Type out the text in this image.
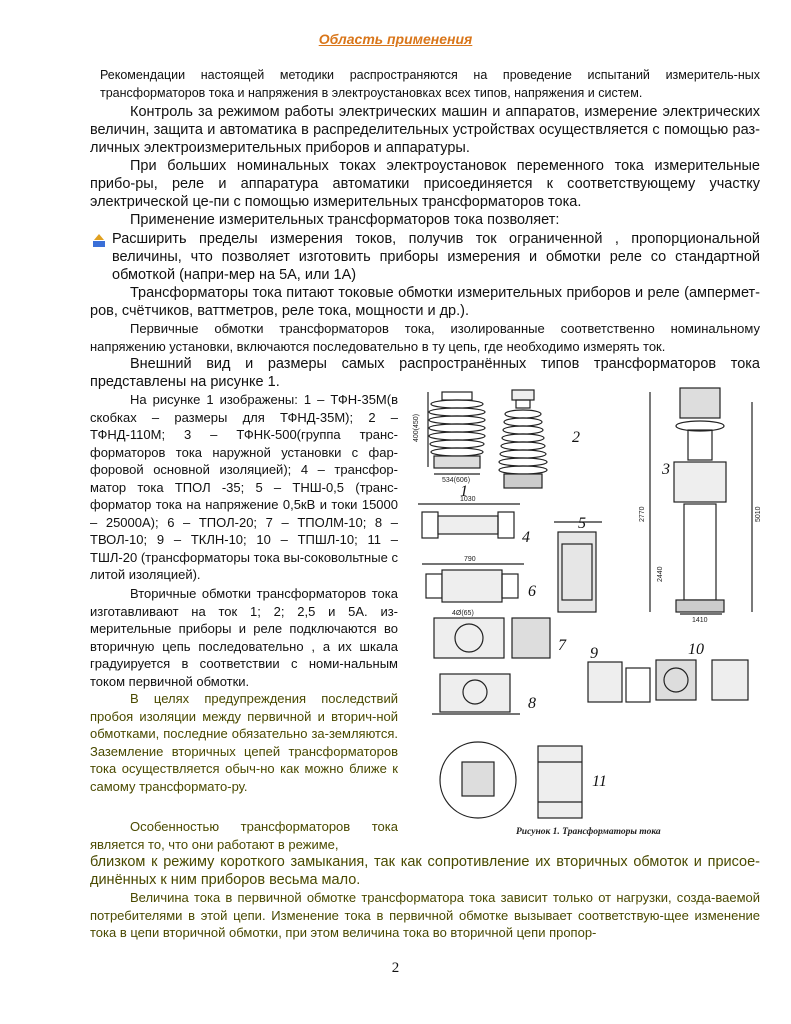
Область применения

Рекомендации настоящей методики распространяются на проведение испытаний измеритель-ных трансформаторов тока и напряжения в электроустановках всех типов, напряжения и систем.

Контроль за режимом работы электрических машин и аппаратов, измерение электрических величин, защита и автоматика в распределительных устройствах осуществляется с помощью раз-личных электроизмерительных приборов и аппаратуры.

При больших номинальных токах электроустановок переменного тока измерительные прибо-ры, реле и аппаратура автоматики присоединяется к соответствующему участку электрической це-пи с помощью измерительных трансформаторов тока.

Применение измерительных трансформаторов тока позволяет:

Расширить пределы измерения токов, получив ток ограниченной , пропорциональной величины, что позволяет изготовить приборы измерения и обмотки реле со стандартной обмоткой (напри-мер на 5А, или 1А)

Трансформаторы тока питают токовые обмотки измерительных приборов и реле (ампермет-ров, счётчиков, ваттметров, реле тока, мощности и др.).

Первичные обмотки трансформаторов тока, изолированные соответственно номинальному напряжению установки, включаются последовательно в ту цепь, где необходимо измерять ток.

Внешний вид и размеры самых распространённых типов трансформаторов тока представлены на рисунке 1.

На рисунке 1 изображены: 1 – ТФН-35М(в скобках – размеры для ТФНД-35М); 2 – ТФНД-110М; 3 – ТФНК-500(группа транс-форматоров тока наружной установки с фар-форовой основной изоляцией); 4 – трансфор-матор тока ТПОЛ -35; 5 – ТНШ-0,5 (транс-форматор тока на напряжение 0,5кВ и токи 15000 – 25000А); 6 – ТПОЛ-20; 7 – ТПОЛМ-10; 8 – ТВОЛ-10; 9 – ТКЛН-10; 10 – ТПШЛ-10; 11 – ТШЛ-20 (трансформаторы тока вы-соковольтные с литой изоляцией).

Вторичные обмотки трансформаторов тока изготавливают на ток 1; 2; 2,5 и 5А. из-мерительные приборы и реле подключаются во вторичную цепь последовательно , а их шкала градуируется в соответствии с номи-нальным током первичной обмотки.

В целях предупреждения последствий пробоя изоляции между первичной и вторич-ной обмотками, последние обязательно за-земляются. Заземление вторичных цепей трансформаторов тока осуществляется обыч-но как можно ближе к самому трансформато-ру.

Особенностью трансформаторов тока является то, что они работают в режиме,

близком к режиму короткого замыкания, так как сопротивление их вторичных обмоток и присое-динённых к ним приборов весьма мало.

Величина тока в первичной обмотке трансформатора тока зависит только от нагрузки, созда-ваемой потребителями в этой цепи. Изменение тока в первичной обмотке вызывает соответствую-щее изменение тока в цепи вторичной обмотки, при этом величина тока во вторичной цепи пропор-

1
2
3
4
5
6
7
8
9	10
11
400(450)
534(606)
2770	5010
2440
1410
1030
790
4Ø(65)
Рисунок 1. Трансформаторы тока
2
